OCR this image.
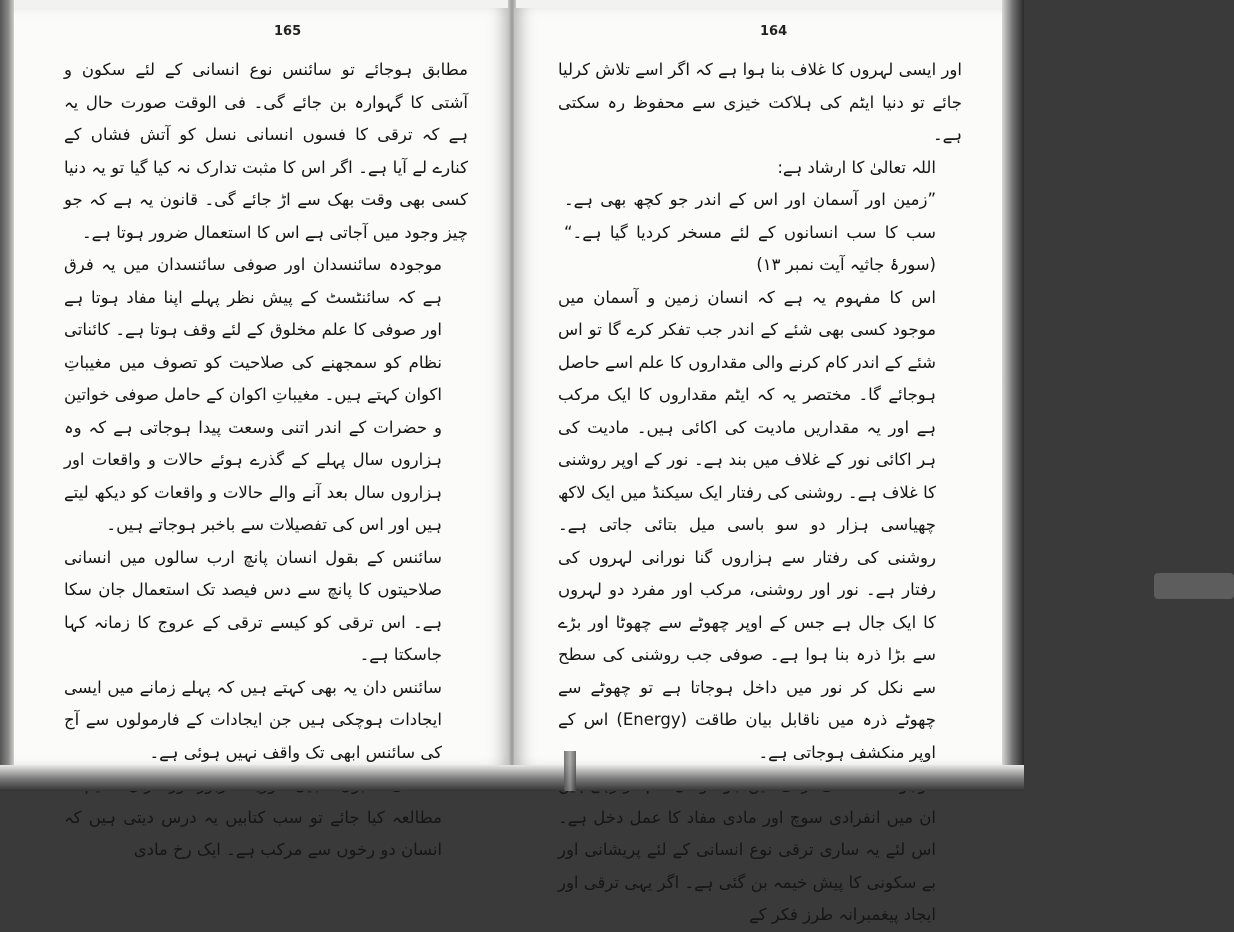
165

مطابق ہوجائے تو سائنس نوع انسانی کے لئے سکون و آشتی کا گہوارہ بن جائے گی۔ فی الوقت صورت حال یہ ہے کہ ترقی کا فسوں انسانی نسل کو آتش فشاں کے کنارے لے آیا ہے۔ اگر اس کا مثبت تدارک نہ کیا گیا تو یہ دنیا کسی بھی وقت بھک سے اڑ جائے گی۔ قانون یہ ہے کہ جو چیز وجود میں آجاتی ہے اس کا استعمال ضرور ہوتا ہے۔

موجودہ سائنسدان اور صوفی سائنسدان میں یہ فرق ہے کہ سائنٹسٹ کے پیش نظر پہلے اپنا مفاد ہوتا ہے اور صوفی کا علم مخلوق کے لئے وقف ہوتا ہے۔ کائناتی نظام کو سمجھنے کی صلاحیت کو تصوف میں مغیباتِ اکوان کہتے ہیں۔ مغیباتِ اکوان کے حامل صوفی خواتین و حضرات کے اندر اتنی وسعت پیدا ہوجاتی ہے کہ وہ ہزاروں سال پہلے کے گذرے ہوئے حالات و واقعات اور ہزاروں سال بعد آنے والے حالات و واقعات کو دیکھ لیتے ہیں اور اس کی تفصیلات سے باخبر ہوجاتے ہیں۔

سائنس کے بقول انسان پانچ ارب سالوں میں انسانی صلاحیتوں کا پانچ سے دس فیصد تک استعمال جان سکا ہے۔ اس ترقی کو کیسے ترقی کے عروج کا زمانہ کہا جاسکتا ہے۔

سائنس دان یہ بھی کہتے ہیں کہ پہلے زمانے میں ایسی ایجادات ہوچکی ہیں جن ایجادات کے فارمولوں سے آج کی سائنس ابھی تک واقف نہیں ہوئی ہے۔

مطالعہ کیا جائے تو سب کتابیں یہ درس دیتی ہیں کہ انسان دو رخوں سے مرکب ہے۔ ایک رخ مادی

164

اور ایسی لہروں کا غلاف بنا ہوا ہے کہ اگر اسے تلاش کرلیا جائے تو دنیا ایٹم کی ہلاکت خیزی سے محفوظ رہ سکتی ہے۔

اللہ تعالیٰ کا ارشاد ہے:

”زمین اور آسمان اور اس کے اندر جو کچھ بھی ہے۔ سب کا سب انسانوں کے لئے مسخر کردیا گیا ہے۔“ (سورۂ جاثیہ آیت نمبر ۱۳)

اس کا مفہوم یہ ہے کہ انسان زمین و آسمان میں موجود کسی بھی شئے کے اندر جب تفکر کرے گا تو اس شئے کے اندر کام کرنے والی مقداروں کا علم اسے حاصل ہوجائے گا۔ مختصر یہ کہ ایٹم مقداروں کا ایک مرکب ہے اور یہ مقداریں مادیت کی اکائی ہیں۔ مادیت کی ہر اکائی نور کے غلاف میں بند ہے۔ نور کے اوپر روشنی کا غلاف ہے۔ روشنی کی رفتار ایک سیکنڈ میں ایک لاکھ چھیاسی ہزار دو سو باسی میل بتائی جاتی ہے۔ روشنی کی رفتار سے ہزاروں گنا نورانی لہروں کی رفتار ہے۔ نور اور روشنی، مرکب اور مفرد دو لہروں کا ایک جال ہے جس کے اوپر چھوٹے سے چھوٹا اور بڑے سے بڑا ذرہ بنا ہوا ہے۔ صوفی جب روشنی کی سطح سے نکل کر نور میں داخل ہوجاتا ہے تو چھوٹے سے چھوٹے ذرہ میں ناقابل بیان طاقت (Energy) اس کے اوپر منکشف ہوجاتی ہے۔

ان میں انفرادی سوچ اور مادی مفاد کا عمل دخل ہے۔ اس لئے یہ ساری ترقی نوع انسانی کے لئے پریشانی اور بے سکونی کا پیش خیمہ بن گئی ہے۔ اگر یہی ترقی اور ایجاد پیغمبرانہ طرز فکر کے
